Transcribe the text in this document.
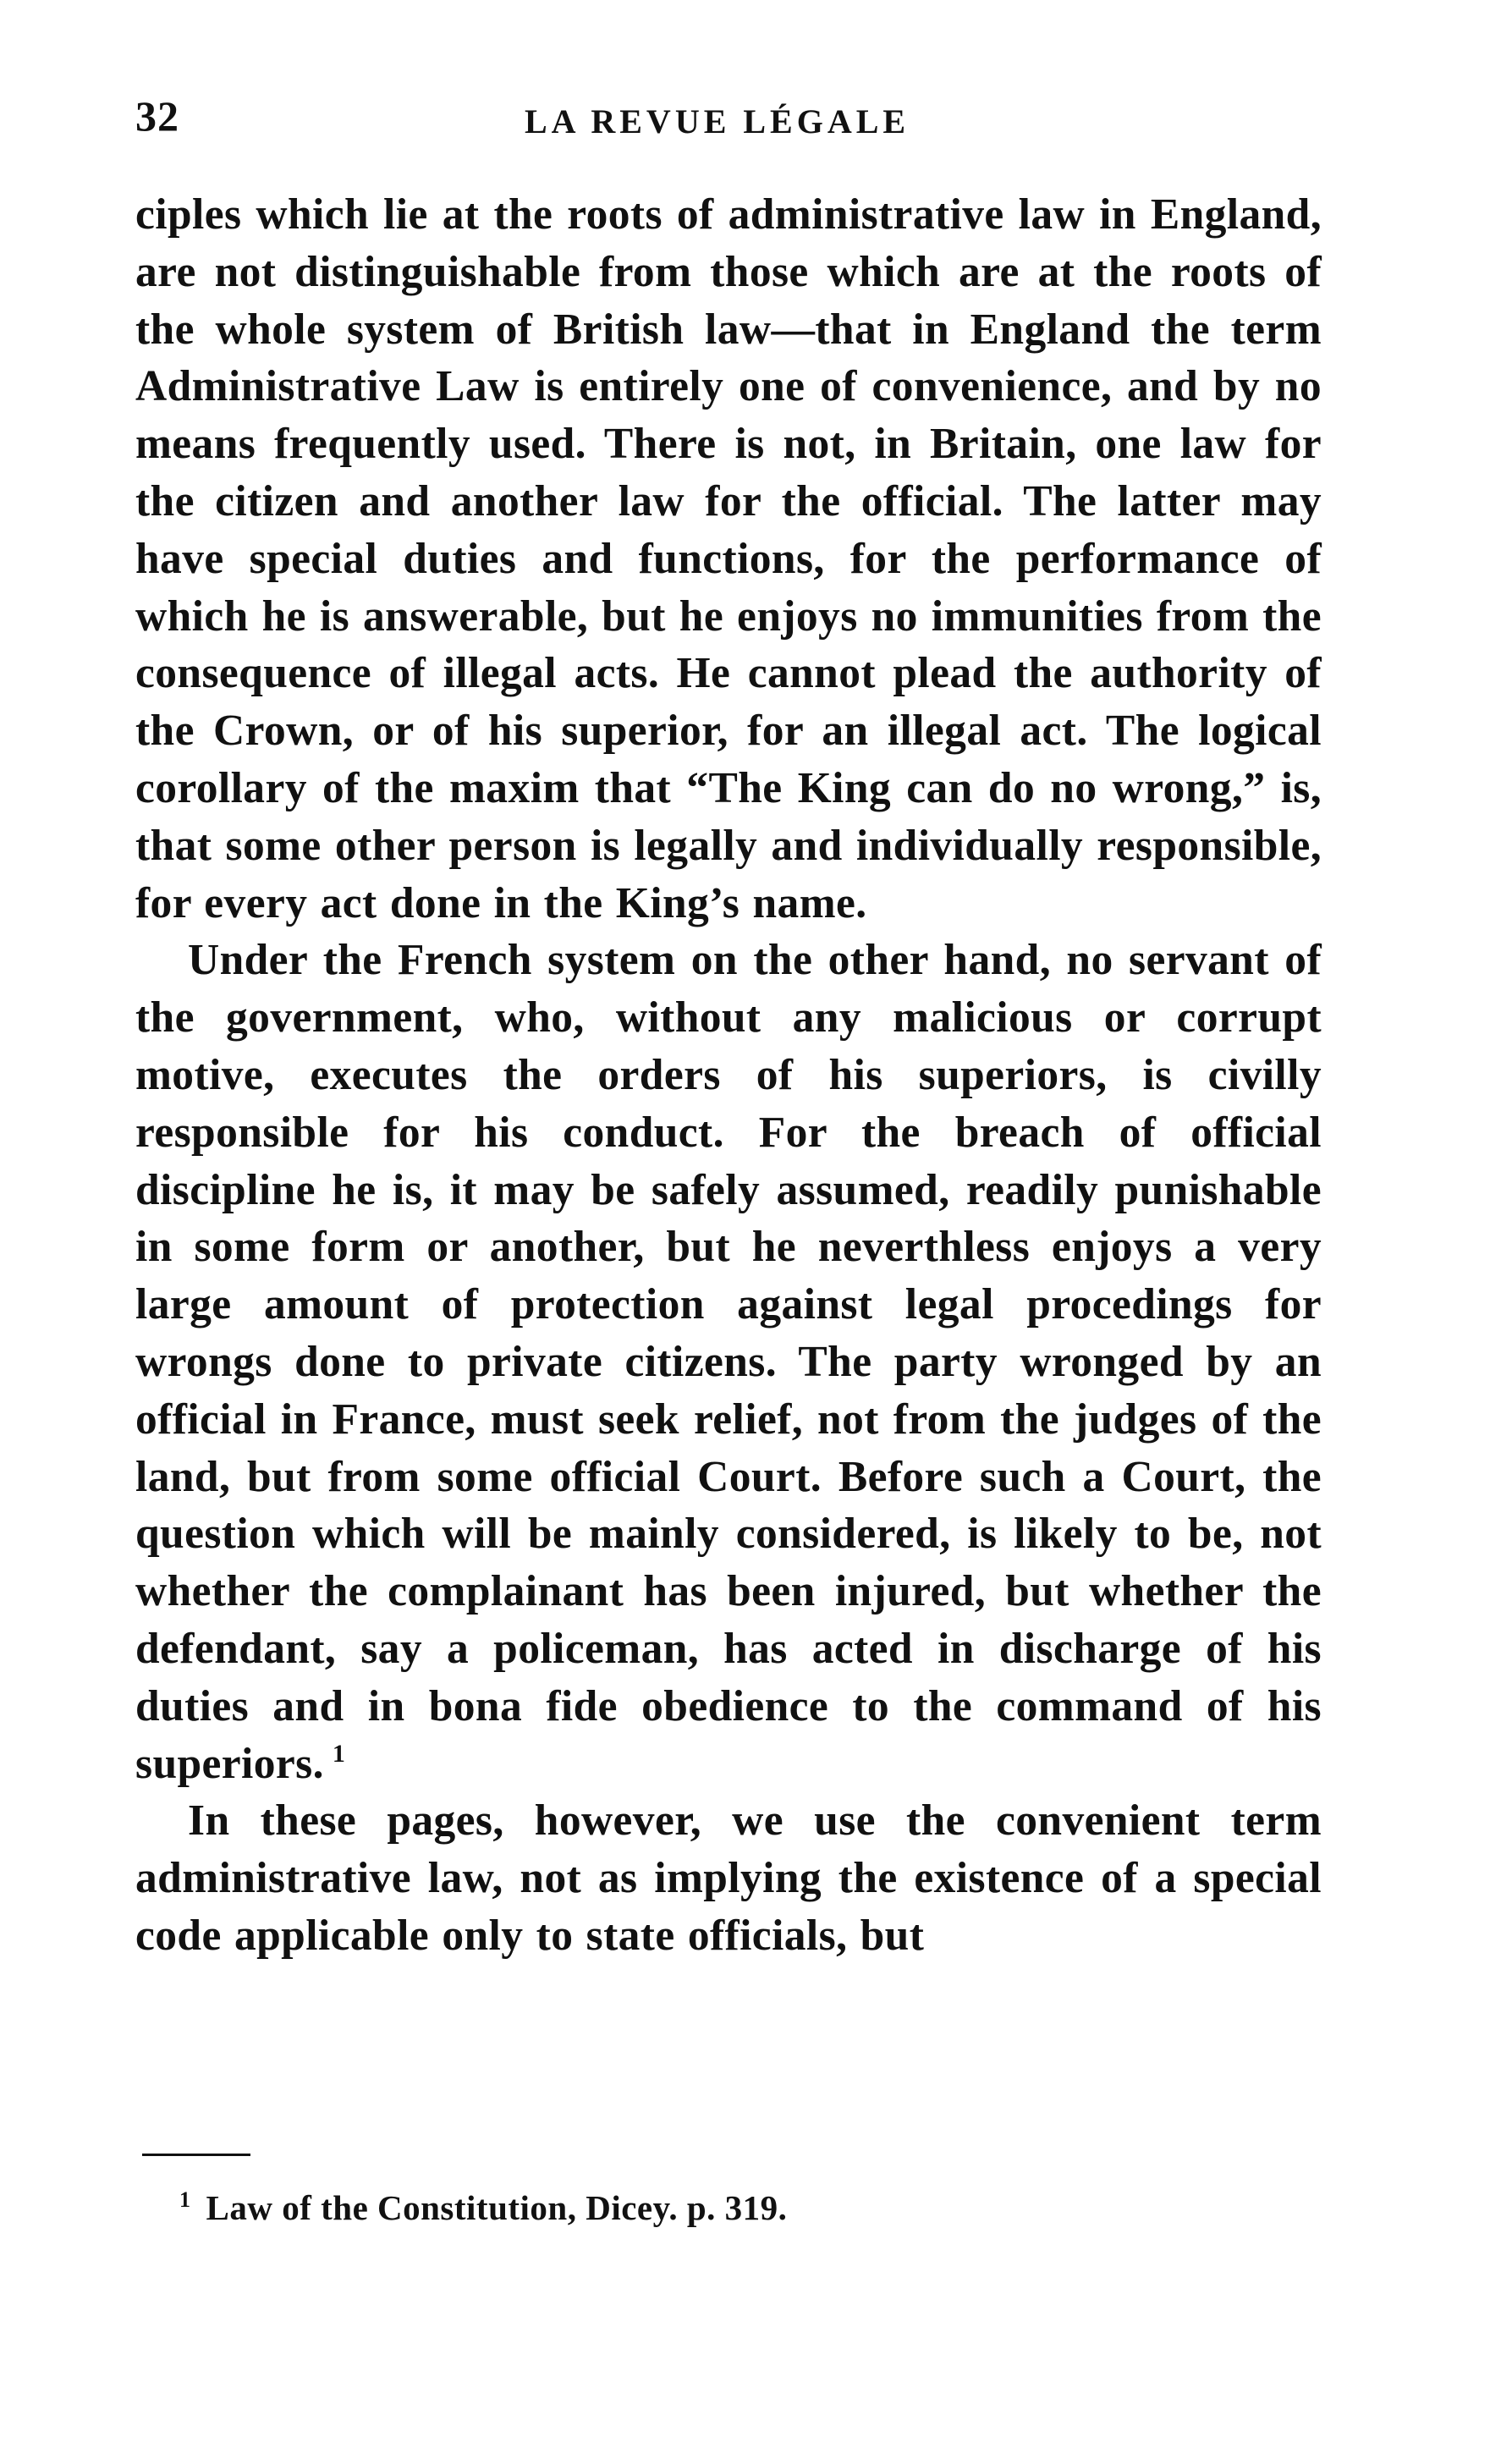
32	LA REVUE LÉGALE

ciples which lie at the roots of administrative law in England, are not distinguishable from those which are at the roots of the whole system of British law—that in England the term Administrative Law is entirely one of convenience, and by no means frequently used. There is not, in Britain, one law for the citizen and another law for the official. The latter may have special duties and functions, for the performance of which he is answerable, but he enjoys no immunities from the consequence of illegal acts. He cannot plead the authority of the Crown, or of his superior, for an illegal act. The logical corollary of the maxim that “The King can do no wrong,” is, that some other person is legally and individually responsible, for every act done in the King’s name.

Under the French system on the other hand, no servant of the government, who, without any malicious or corrupt motive, executes the orders of his superiors, is civilly responsible for his conduct. For the breach of official discipline he is, it may be safely assumed, readily punishable in some form or another, but he neverthless enjoys a very large amount of protection against legal procedings for wrongs done to private citizens. The party wronged by an official in France, must seek relief, not from the judges of the land, but from some official Court. Before such a Court, the question which will be mainly considered, is likely to be, not whether the complainant has been injured, but whether the defendant, say a policeman, has acted in discharge of his duties and in bona fide obedience to the command of his superiors. $^1$

In these pages, however, we use the convenient term administrative law, not as implying the existence of a special code applicable only to state officials, but

$^1$ Law of the Constitution, Dicey. p. 319.
